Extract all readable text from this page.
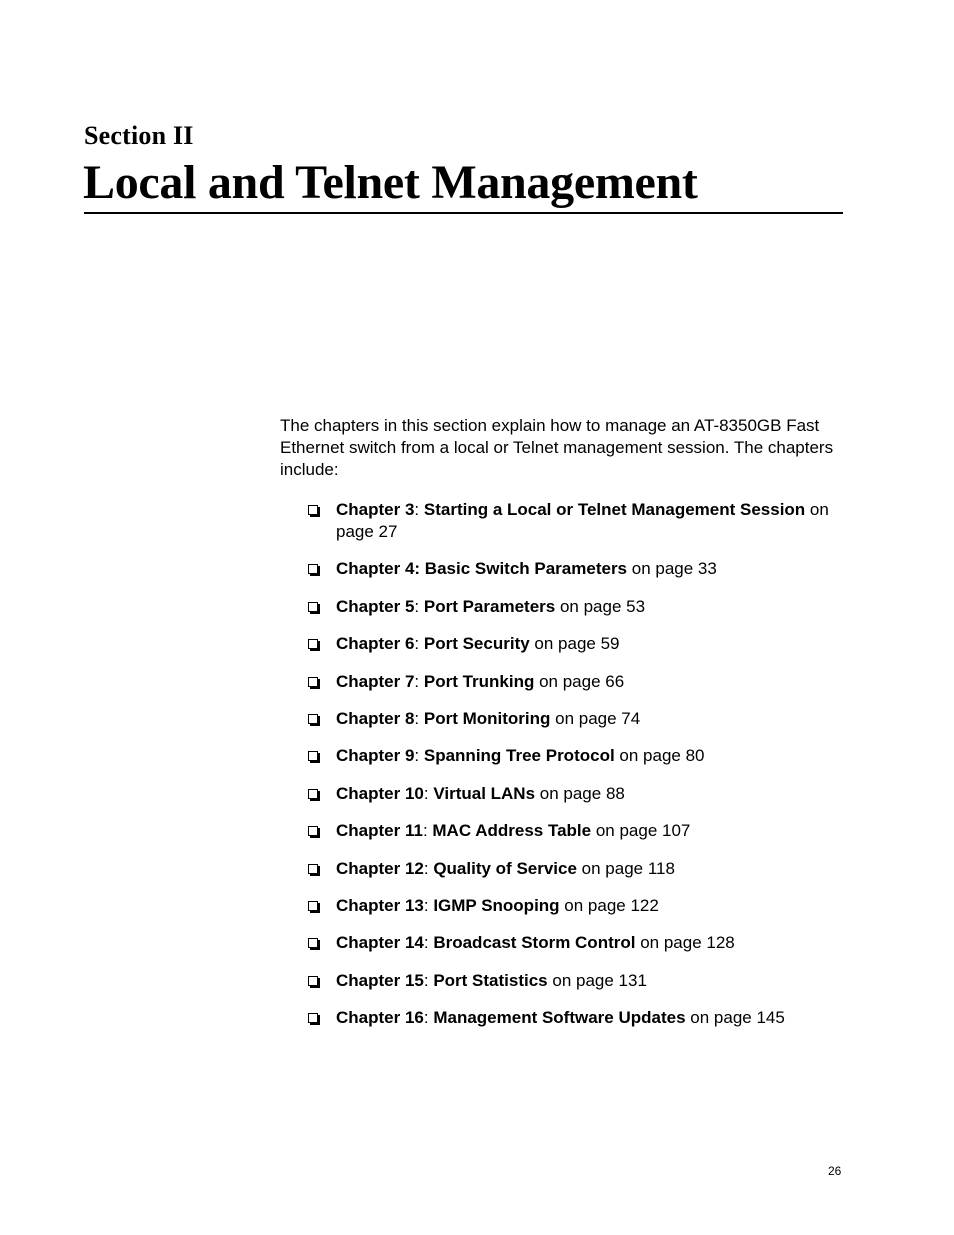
Section II
Local and Telnet Management

The chapters in this section explain how to manage an AT-8350GB Fast Ethernet switch from a local or Telnet management session. The chapters include:

Chapter 3: Starting a Local or Telnet Management Session on page 27
Chapter 4: Basic Switch Parameters on page 33
Chapter 5: Port Parameters on page 53
Chapter 6: Port Security on page 59
Chapter 7: Port Trunking on page 66
Chapter 8: Port Monitoring on page 74
Chapter 9: Spanning Tree Protocol on page 80
Chapter 10: Virtual LANs on page 88
Chapter 11: MAC Address Table on page 107
Chapter 12: Quality of Service on page 118
Chapter 13: IGMP Snooping on page 122
Chapter 14: Broadcast Storm Control on page 128
Chapter 15: Port Statistics on page 131
Chapter 16: Management Software Updates on page 145
26
